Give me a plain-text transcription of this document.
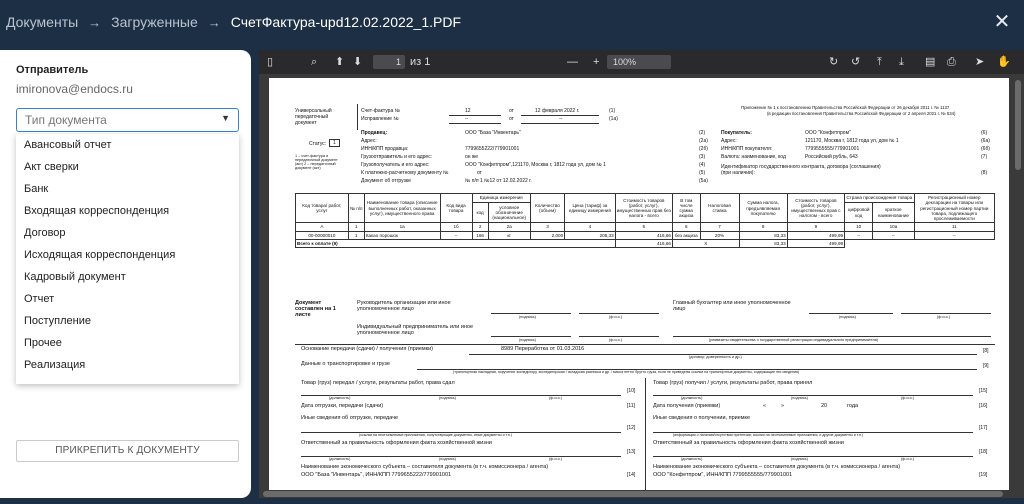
Документы → Загруженные → СчетФактура-upd12.02.2022_1.PDF	✕
Отправитель
imironova@endocs.ru
Тип документа	▼
Авансовый отчет
Акт сверки
Банк
Входящая корреспонденция
Договор
Исходящая корреспонденция
Кадровый документ
Отчет
Поступление
Прочее
Реализация
ПРИКРЕПИТЬ К ДОКУМЕНТУ
▯	⌕ ⬆ ⬇	1 из 1	— +	100%	↻ ↺ ⤒ ⤓ ▤ ⎙ ➤ ✋
Универсальный передаточный документ
Счет-фактура №	12	от	12 февраля 2022 г.	(1)
Исправление №	--	от	--	(1а)
Приложение № 1 к постановлению Правительства Российской Федерации от 26 декабря 2011 г. № 1137
(в редакции постановления Правительства Российской Федерации от 2 апреля 2021 г. № 534)
Статус:	1
1 – счет-фактура и передаточный документ (акт) 2 – передаточный документ (акт)
Продавец:	ООО "База "Инвентарь"	(2)
Адрес:	(2а)
ИНН/КПП продавца:	7799655222/779901001	(2б)
Грузоотправитель и его адрес:	он же	(3)
Грузополучатель и его адрес:	ООО "Конфетпром",121170, Москва г, 1812 года ул, дом № 1	(4)
К платежно-расчетному документу №	от	(5)
Документ об отгрузке	№ п/п 1 №12 от 12.02.2022 г.	(5а)
Покупатель:	ООО "Конфетпром"	(6)
Адрес:	121170, Москва г, 1812 года ул, дом № 1	(6а)
ИНН/КПП покупателя:	7799555555/779901001	(6б)
Валюта: наименование, код	Российский рубль, 643	(7)
Идентификатор государственного контракта, договора (соглашения) (при наличии):	(8)
Код товара/ работ, услуг	№ п/п	Наименование товара (описание выполненных работ, оказанных услуг), имущественного права	Код вида товара	Единица измерения		Количество (объем)	Цена (тариф) за единицу измерения	Стоимость товаров (работ, услуг), имущественных прав без налога - всего	В том числе сумма акциза	Налоговая ставка	Сумма налога, предъявляемая покупателю	Стоимость товаров (работ, услуг), имущественных прав с налогом - всего	Страна происхождения товара		Регистрационный номер декларации на товары или регистрационный номер партии товара, подлежащего прослеживаемости
				код	условное обозначение (национальное)								цифровой код	краткое наименование	
А	1	1а	1б	2	2а	3	4	5	6	7	8	9	10	10а	11
00-00000010	1	Какао порошок	--	166	кг	2,000	208,33	416,66	без акциза	20%	83,33	499,99	--	--	--
Всего к оплате (9)								416,66	X		83,33	499,99			
Документ составлен на 1 листе
Руководитель организации или иное уполномоченное лицо
(подпись)	(ф.и.о.)
Главный бухгалтер или иное уполномоченное лицо
(подпись)	(ф.и.о.)
Индивидуальный предприниматель или иное уполномоченное лицо
(подпись)	(ф.и.о.)	(реквизиты свидетельства о государственной регистрации индивидуального предпринимателя)
Основание передачи (сдачи) / получения (приемки)	8989 Переработка от 01.03.2016	[8]
(договор; доверенность и др.)
Данные о транспортировке и грузе	[9]
(транспортная накладная, поручение экспедитору, экспедиторская / складская расписка и др. / масса нетто/ брутто груза, если не приведены ссылки на транспортные документы, содержащие эти сведения)
Товар (груз) передал / услуги, результаты работ, права сдал
[10]
(должность)	(подпись)	(ф.и.о.)
Дата отгрузки, передачи (сдачи)	[11]
Иные сведения об отгрузке, передаче
[12]
(ссылки на неотъемлемые приложения, сопутствующие документы, иные документы и т.п.)
Ответственный за правильность оформления факта хозяйственной жизни
[13]
(должность)	(подпись)	(ф.и.о.)
Наименование экономического субъекта – составителя документа (в т.ч. комиссионера / агента)
ООО "База "Инвентарь", ИНН/КПП 7799655222/779901001	[14]
Товар (груз) получил / услуги, результаты работ, права принял
[15]
(должность)	(подпись)	(ф.и.о.)
Дата получения (приемки)	«	»	20	года	[16]
Иные сведения о получении, приемке
[17]
(информация о наличии/отсутствии претензии; ссылки на неотъемлемые приложения, и другие документы и т.п.)
Ответственный за правильность оформления факта хозяйственной жизни
[18]
(должность)	(подпись)	(ф.и.о.)
Наименование экономического субъекта – составителя документа (в т.ч. комиссионера / агента)
ООО "Конфетпром", ИНН/КПП 7799555555/779901001	[19]
